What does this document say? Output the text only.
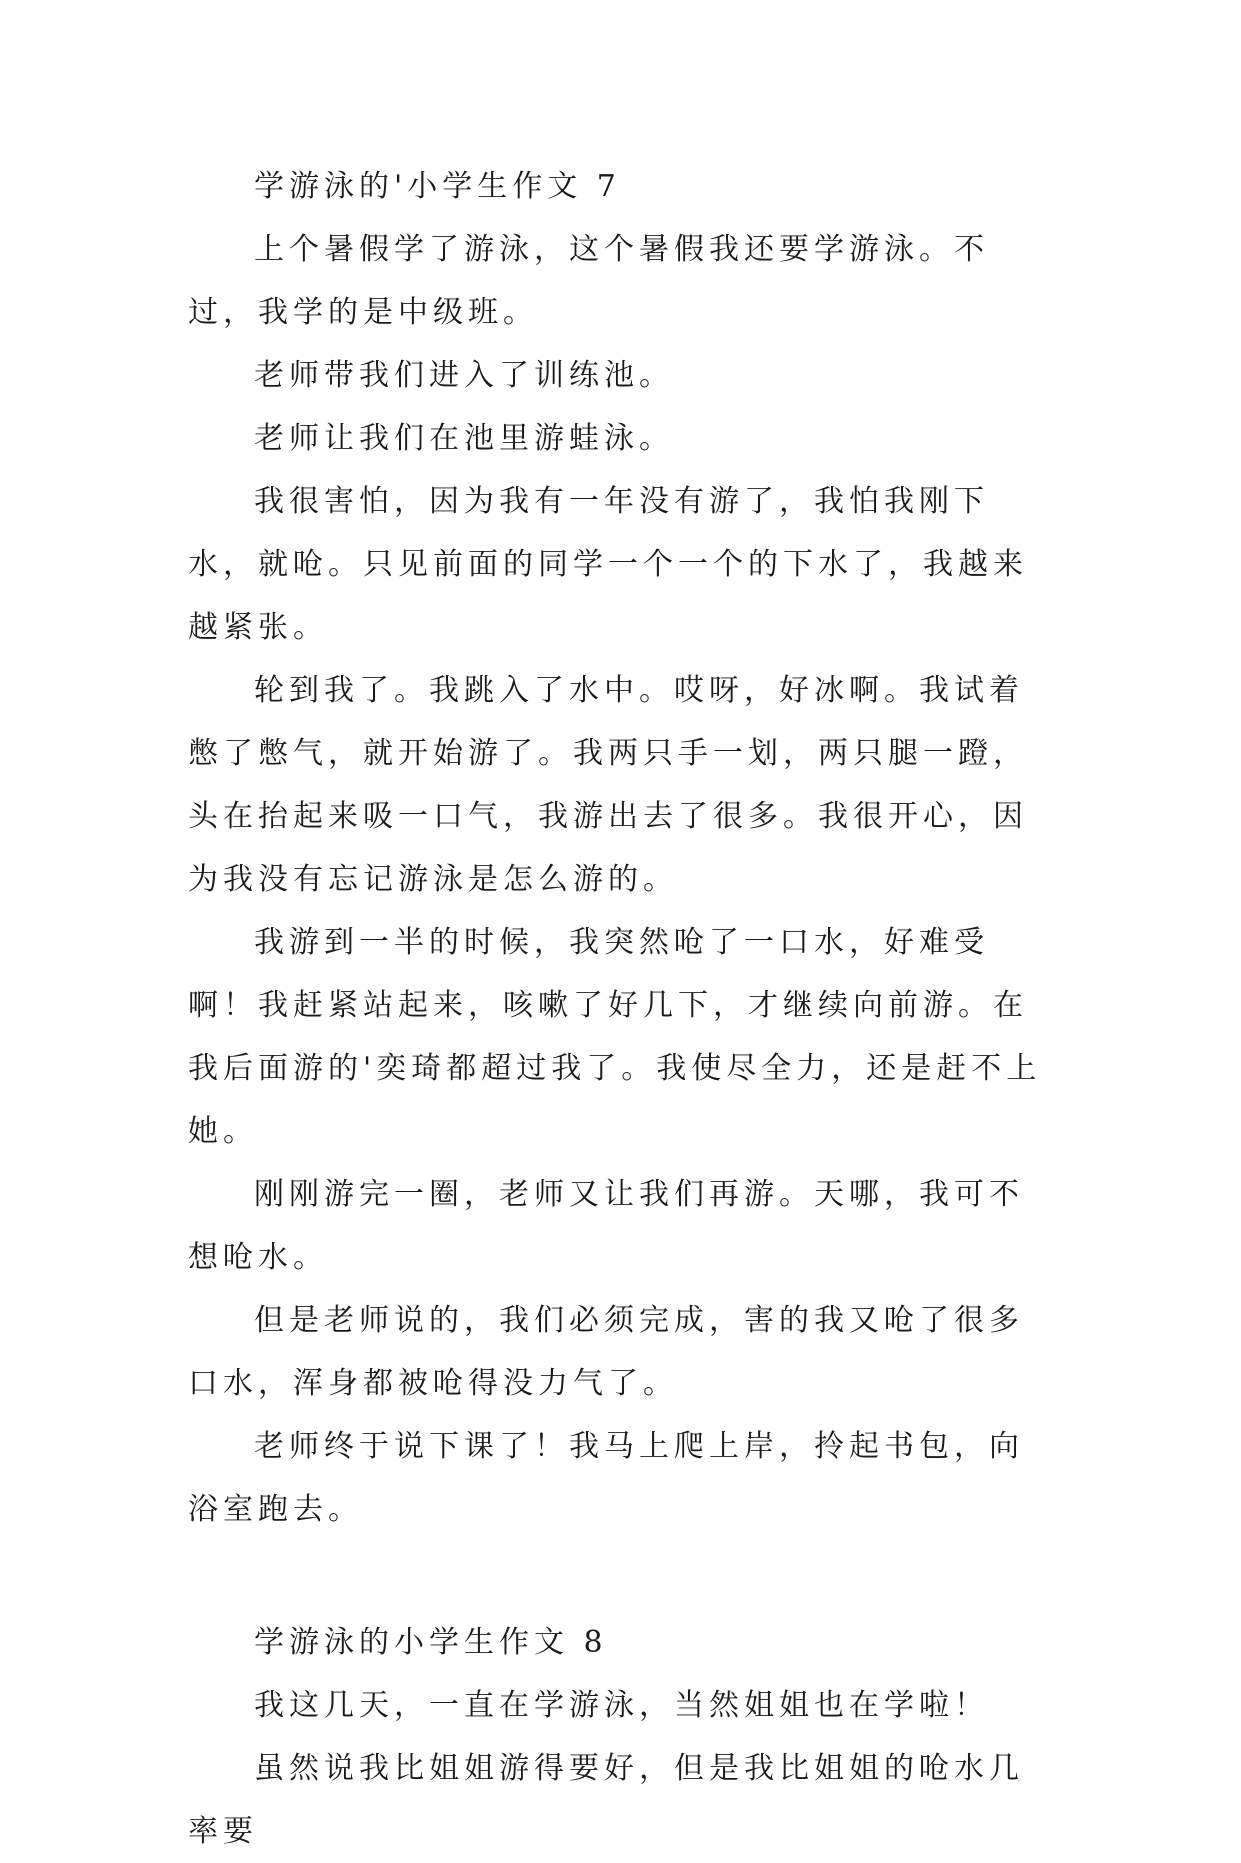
学游泳的'小学生作文 7

上个暑假学了游泳，这个暑假我还要学游泳。不过，我学的是中级班。

老师带我们进入了训练池。

老师让我们在池里游蛙泳。

我很害怕，因为我有一年没有游了，我怕我刚下水，就呛。只见前面的同学一个一个的下水了，我越来越紧张。

轮到我了。我跳入了水中。哎呀，好冰啊。我试着憋了憋气，就开始游了。我两只手一划，两只腿一蹬，头在抬起来吸一口气，我游出去了很多。我很开心，因为我没有忘记游泳是怎么游的。

我游到一半的时候，我突然呛了一口水，好难受啊！我赶紧站起来，咳嗽了好几下，才继续向前游。在我后面游的'奕琦都超过我了。我使尽全力，还是赶不上她。

刚刚游完一圈，老师又让我们再游。天哪，我可不想呛水。

但是老师说的，我们必须完成，害的我又呛了很多口水，浑身都被呛得没力气了。

老师终于说下课了！我马上爬上岸，拎起书包，向浴室跑去。

学游泳的小学生作文 8

我这几天，一直在学游泳，当然姐姐也在学啦！

虽然说我比姐姐游得要好，但是我比姐姐的呛水几率要
